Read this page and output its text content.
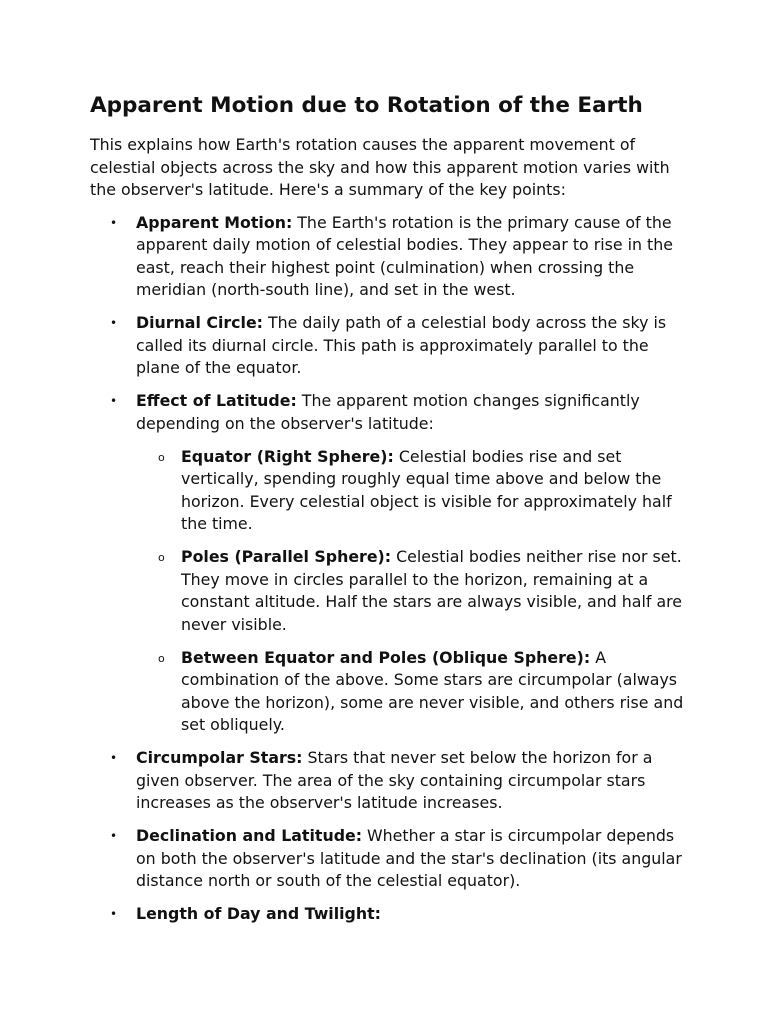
Apparent Motion due to Rotation of the Earth

This explains how Earth's rotation causes the apparent movement of celestial objects across the sky and how this apparent motion varies with the observer's latitude. Here's a summary of the key points:

• Apparent Motion: The Earth's rotation is the primary cause of the apparent daily motion of celestial bodies. They appear to rise in the east, reach their highest point (culmination) when crossing the meridian (north-south line), and set in the west.
• Diurnal Circle: The daily path of a celestial body across the sky is called its diurnal circle. This path is approximately parallel to the plane of the equator.
• Effect of Latitude: The apparent motion changes significantly depending on the observer's latitude:
o Equator (Right Sphere): Celestial bodies rise and set vertically, spending roughly equal time above and below the horizon. Every celestial object is visible for approximately half the time.
o Poles (Parallel Sphere): Celestial bodies neither rise nor set. They move in circles parallel to the horizon, remaining at a constant altitude. Half the stars are always visible, and half are never visible.
o Between Equator and Poles (Oblique Sphere): A combination of the above. Some stars are circumpolar (always above the horizon), some are never visible, and others rise and set obliquely.
• Circumpolar Stars: Stars that never set below the horizon for a given observer. The area of the sky containing circumpolar stars increases as the observer's latitude increases.
• Declination and Latitude: Whether a star is circumpolar depends on both the observer's latitude and the star's declination (its angular distance north or south of the celestial equator).
• Length of Day and Twilight:
